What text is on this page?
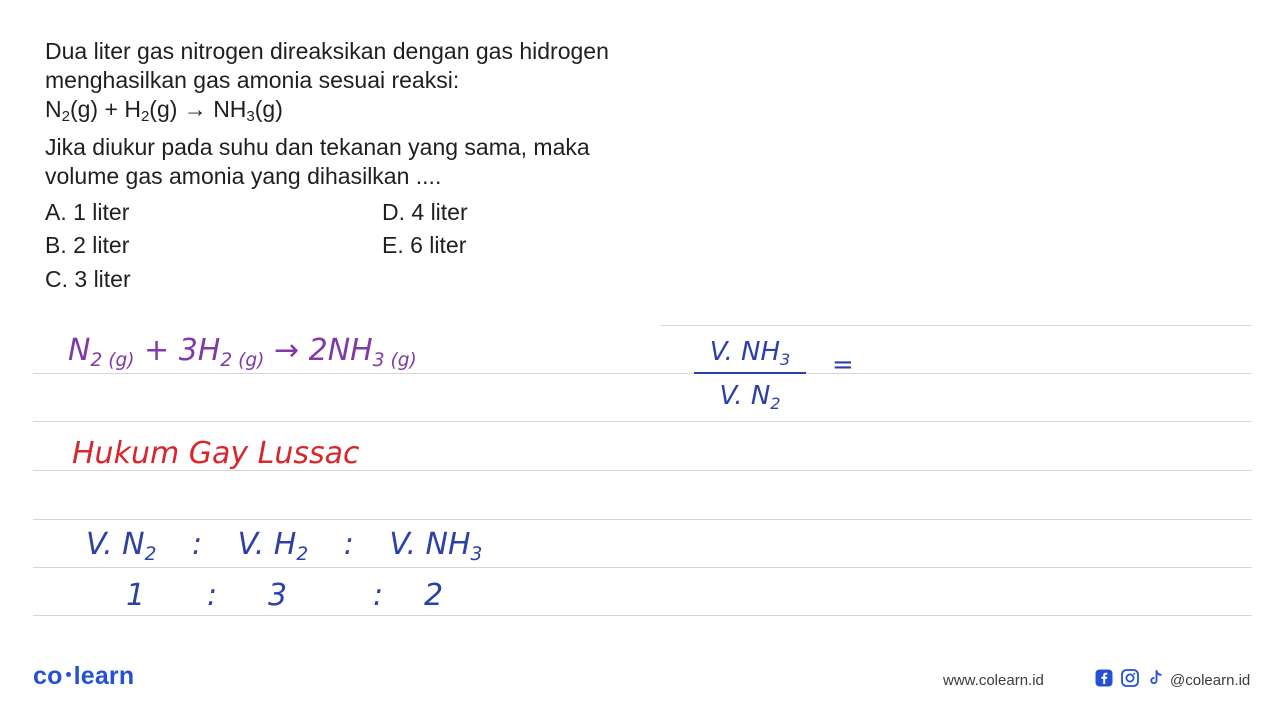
Dua liter gas nitrogen direaksikan dengan gas hidrogen
menghasilkan gas amonia sesuai reaksi:
$N_2(g) + H_2(g) \to NH_3(g)$
Jika diukur pada suhu dan tekanan yang sama, maka
volume gas amonia yang dihasilkan ....
A. 1 liter
B. 2 liter
C. 3 liter
D. 4 liter
E. 6 liter
$N_{2 (g)} + 3H_{2 (g)} \to 2NH_{3 (g)}$	V. $NH_3$
V. $N_2$
=
Hukum Gay Lussac
V. $N_2$ : V. $H_2$ : V. $NH_3$
1 : 3	: 2
co learn	www.colearn.id	@colearn.id
